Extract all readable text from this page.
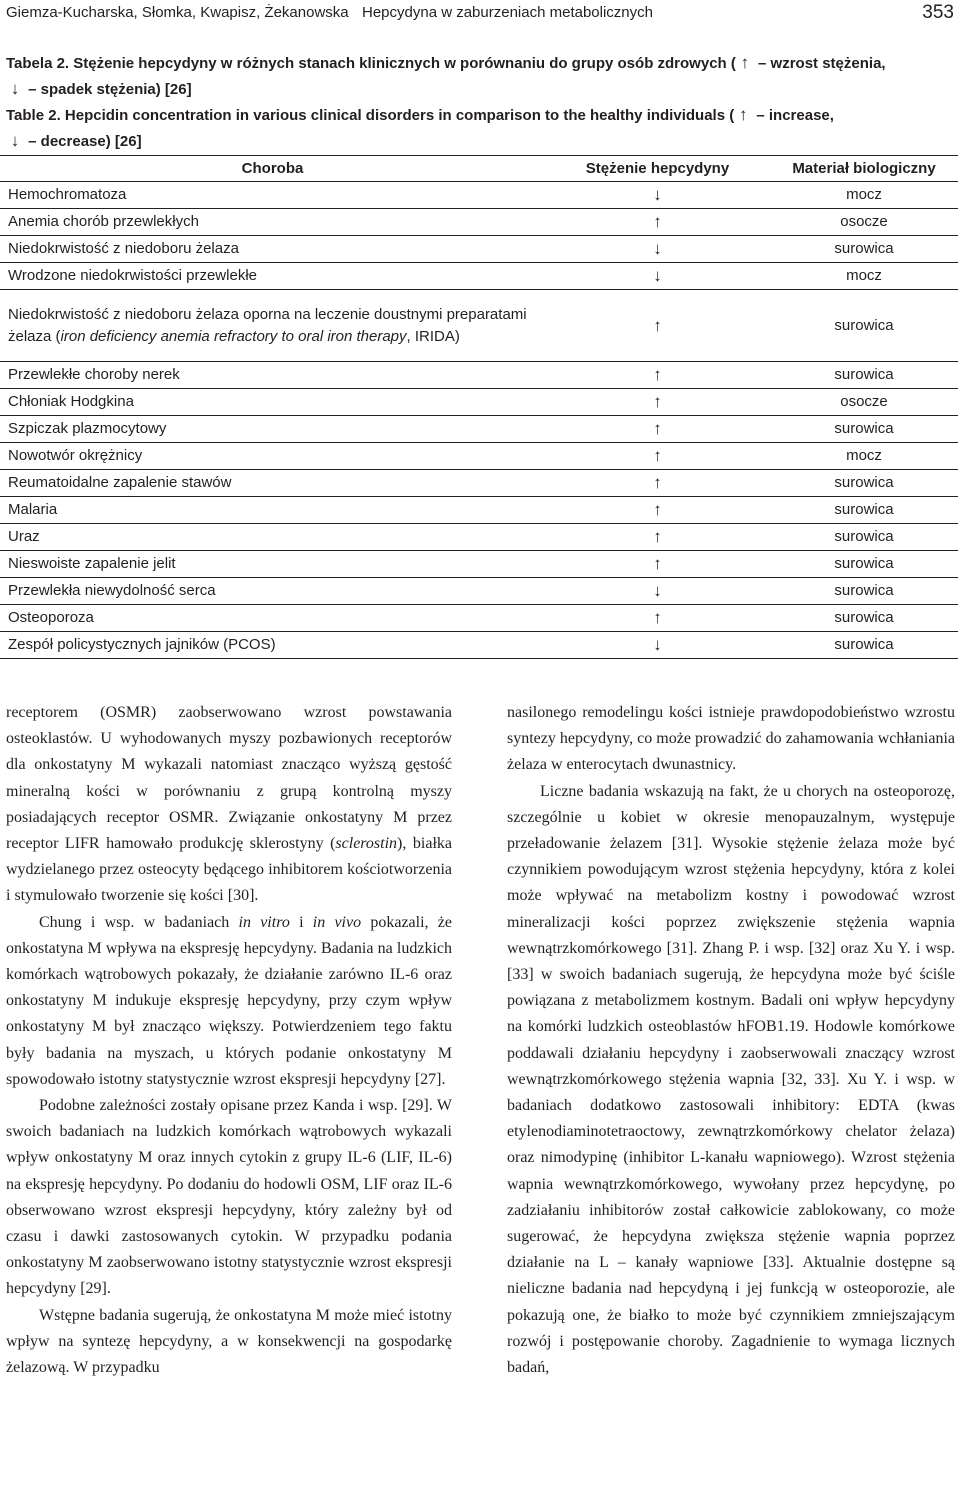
Giemza-Kucharska, Słomka, Kwapisz, Żekanowska Hepcydyna w zaburzeniach metabolicznych	353
Tabela 2. Stężenie hepcydyny w różnych stanach klinicznych w porównaniu do grupy osób zdrowych ( ↑ – wzrost stężenia,
↓ – spadek stężenia) [26]
Table 2. Hepcidin concentration in various clinical disorders in comparison to the healthy individuals ( ↑ – increase,
↓ – decrease) [26]
Choroba	Stężenie hepcydyny	Materiał biologiczny
Hemochromatoza	↓	mocz
Anemia chorób przewlekłych	↑	osocze
Niedokrwistość z niedoboru żelaza	↓	surowica
Wrodzone niedokrwistości przewlekłe	↓	mocz
Niedokrwistość z niedoboru żelaza oporna na leczenie doustnymi preparatami żelaza (iron deficiency anemia refractory to oral iron therapy, IRIDA)	↑	surowica
Przewlekłe choroby nerek	↑	surowica
Chłoniak Hodgkina	↑	osocze
Szpiczak plazmocytowy	↑	surowica
Nowotwór okrężnicy	↑	mocz
Reumatoidalne zapalenie stawów	↑	surowica
Malaria	↑	surowica
Uraz	↑	surowica
Nieswoiste zapalenie jelit	↑	surowica
Przewlekła niewydolność serca	↓	surowica
Osteoporoza	↑	surowica
Zespół policystycznych jajników (PCOS)	↓	surowica

receptorem (OSMR) zaobserwowano wzrost powstawania osteoklastów. U wyhodowanych myszy pozbawionych receptorów dla onkostatyny M wykazali natomiast znacząco wyższą gęstość mineralną kości w porównaniu z grupą kontrolną myszy posiadających receptor OSMR. Związanie onkostatyny M przez receptor LIFR hamowało produkcję sklerostyny (sclerostin), białka wydzielanego przez osteocyty będącego inhibitorem kościotworzenia i stymulowało tworzenie się kości [30].

Chung i wsp. w badaniach in vitro i in vivo pokazali, że onkostatyna M wpływa na ekspresję hepcydyny. Badania na ludzkich komórkach wątrobowych pokazały, że działanie zarówno IL-6 oraz onkostatyny M indukuje ekspresję hepcydyny, przy czym wpływ onkostatyny M był znacząco większy. Potwierdzeniem tego faktu były badania na myszach, u których podanie onkostatyny M spowodowało istotny statystycznie wzrost ekspresji hepcydyny [27].

Podobne zależności zostały opisane przez Kanda i wsp. [29]. W swoich badaniach na ludzkich komórkach wątrobowych wykazali wpływ onkostatyny M oraz innych cytokin z grupy IL-6 (LIF, IL-6) na ekspresję hepcydyny. Po dodaniu do hodowli OSM, LIF oraz IL-6 obserwowano wzrost ekspresji hepcydyny, który zależny był od czasu i dawki zastosowanych cytokin. W przypadku podania onkostatyny M zaobserwowano istotny statystycznie wzrost ekspresji hepcydyny [29].

Wstępne badania sugerują, że onkostatyna M może mieć istotny wpływ na syntezę hepcydyny, a w konsekwencji na gospodarkę żelazową. W przypadku

nasilonego remodelingu kości istnieje prawdopodobieństwo wzrostu syntezy hepcydyny, co może prowadzić do zahamowania wchłaniania żelaza w enterocytach dwunastnicy.

Liczne badania wskazują na fakt, że u chorych na osteoporozę, szczególnie u kobiet w okresie menopauzalnym, występuje przeładowanie żelazem [31]. Wysokie stężenie żelaza może być czynnikiem powodującym wzrost stężenia hepcydyny, która z kolei może wpływać na metabolizm kostny i powodować wzrost mineralizacji kości poprzez zwiększenie stężenia wapnia wewnątrzkomórkowego [31]. Zhang P. i wsp. [32] oraz Xu Y. i wsp. [33] w swoich badaniach sugerują, że hepcydyna może być ściśle powiązana z metabolizmem kostnym. Badali oni wpływ hepcydyny na komórki ludzkich osteoblastów hFOB1.19. Hodowle komórkowe poddawali działaniu hepcydyny i zaobserwowali znaczący wzrost wewnątrzkomórkowego stężenia wapnia [32, 33]. Xu Y. i wsp. w badaniach dodatkowo zastosowali inhibitory: EDTA (kwas etylenodiaminotetraoctowy, zewnątrzkomórkowy chelator żelaza) oraz nimodypinę (inhibitor L-kanału wapniowego). Wzrost stężenia wapnia wewnątrzkomórkowego, wywołany przez hepcydynę, po zadziałaniu inhibitorów został całkowicie zablokowany, co może sugerować, że hepcydyna zwiększa stężenie wapnia poprzez działanie na L – kanały wapniowe [33]. Aktualnie dostępne są nieliczne badania nad hepcydyną i jej funkcją w osteoporozie, ale pokazują one, że białko to może być czynnikiem zmniejszającym rozwój i postępowanie choroby. Zagadnienie to wymaga licznych badań,
